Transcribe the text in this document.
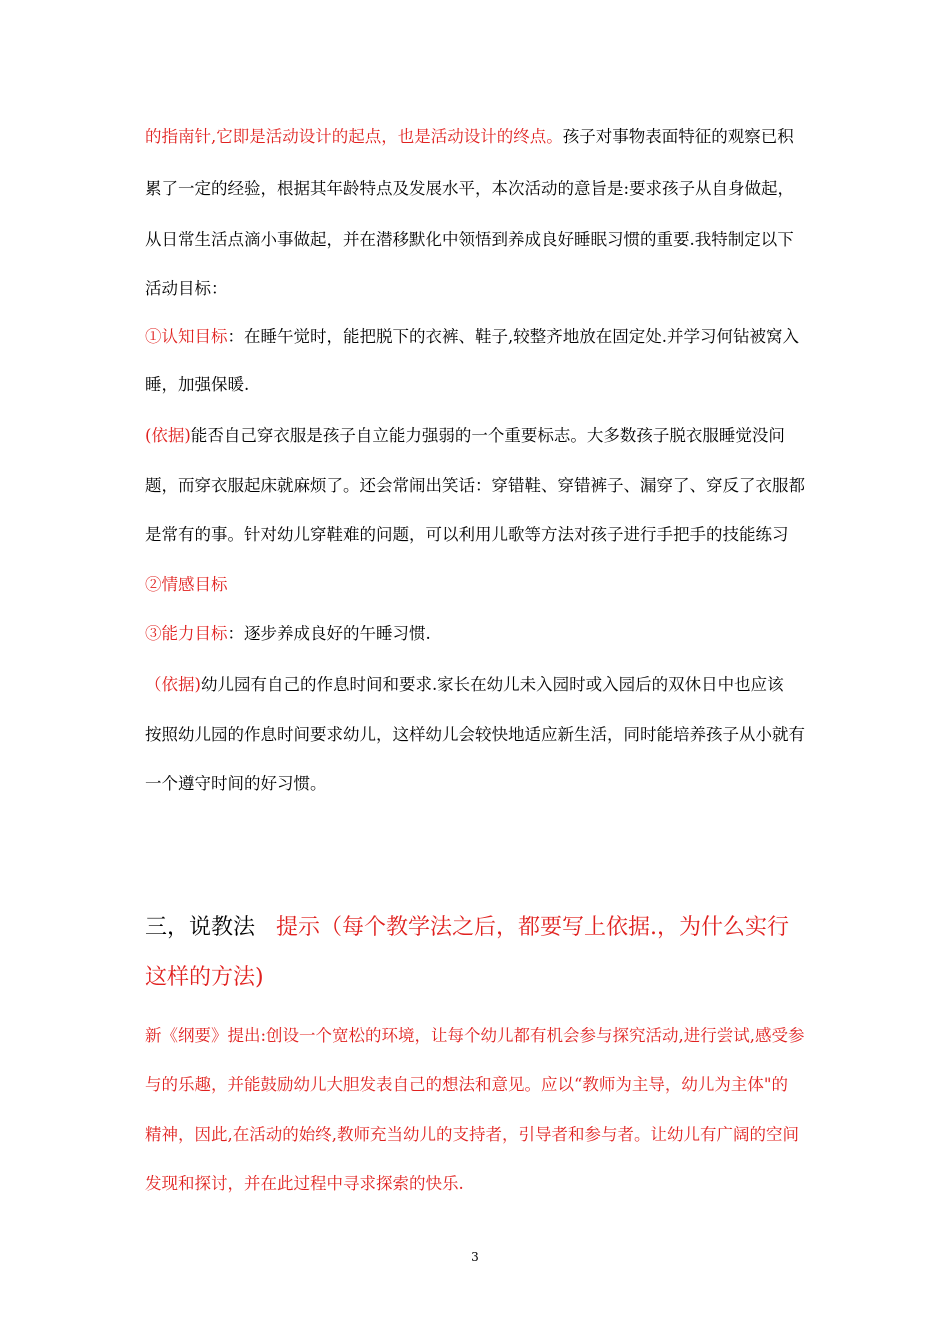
的指南针,它即是活动设计的起点，也是活动设计的终点。孩子对事物表面特征的观察已积
累了一定的经验，根据其年龄特点及发展水平，本次活动的意旨是:要求孩子从自身做起，
从日常生活点滴小事做起，并在潜移默化中领悟到养成良好睡眠习惯的重要.我特制定以下
活动目标：
①认知目标：在睡午觉时，能把脱下的衣裤、鞋子,较整齐地放在固定处.并学习何钻被窝入
睡，加强保暖.
(依据)能否自己穿衣服是孩子自立能力强弱的一个重要标志。大多数孩子脱衣服睡觉没问
题，而穿衣服起床就麻烦了。还会常闹出笑话：穿错鞋、穿错裤子、漏穿了、穿反了衣服都
是常有的事。针对幼儿穿鞋难的问题，可以利用儿歌等方法对孩子进行手把手的技能练习
②情感目标
③能力目标：逐步养成良好的午睡习惯.
（依据)幼儿园有自己的作息时间和要求.家长在幼儿未入园时或入园后的双休日中也应该
按照幼儿园的作息时间要求幼儿，这样幼儿会较快地适应新生活，同时能培养孩子从小就有
一个遵守时间的好习惯。
三，说教法   提示（每个教学法之后，都要写上依据.，为什么实行
这样的方法)
新《纲要》提出:创设一个宽松的环境，让每个幼儿都有机会参与探究活动,进行尝试,感受参
与的乐趣，并能鼓励幼儿大胆发表自己的想法和意见。应以“教师为主导，幼儿为主体"的
精神，因此,在活动的始终,教师充当幼儿的支持者，引导者和参与者。让幼儿有广阔的空间
发现和探讨，并在此过程中寻求探索的快乐.
3
